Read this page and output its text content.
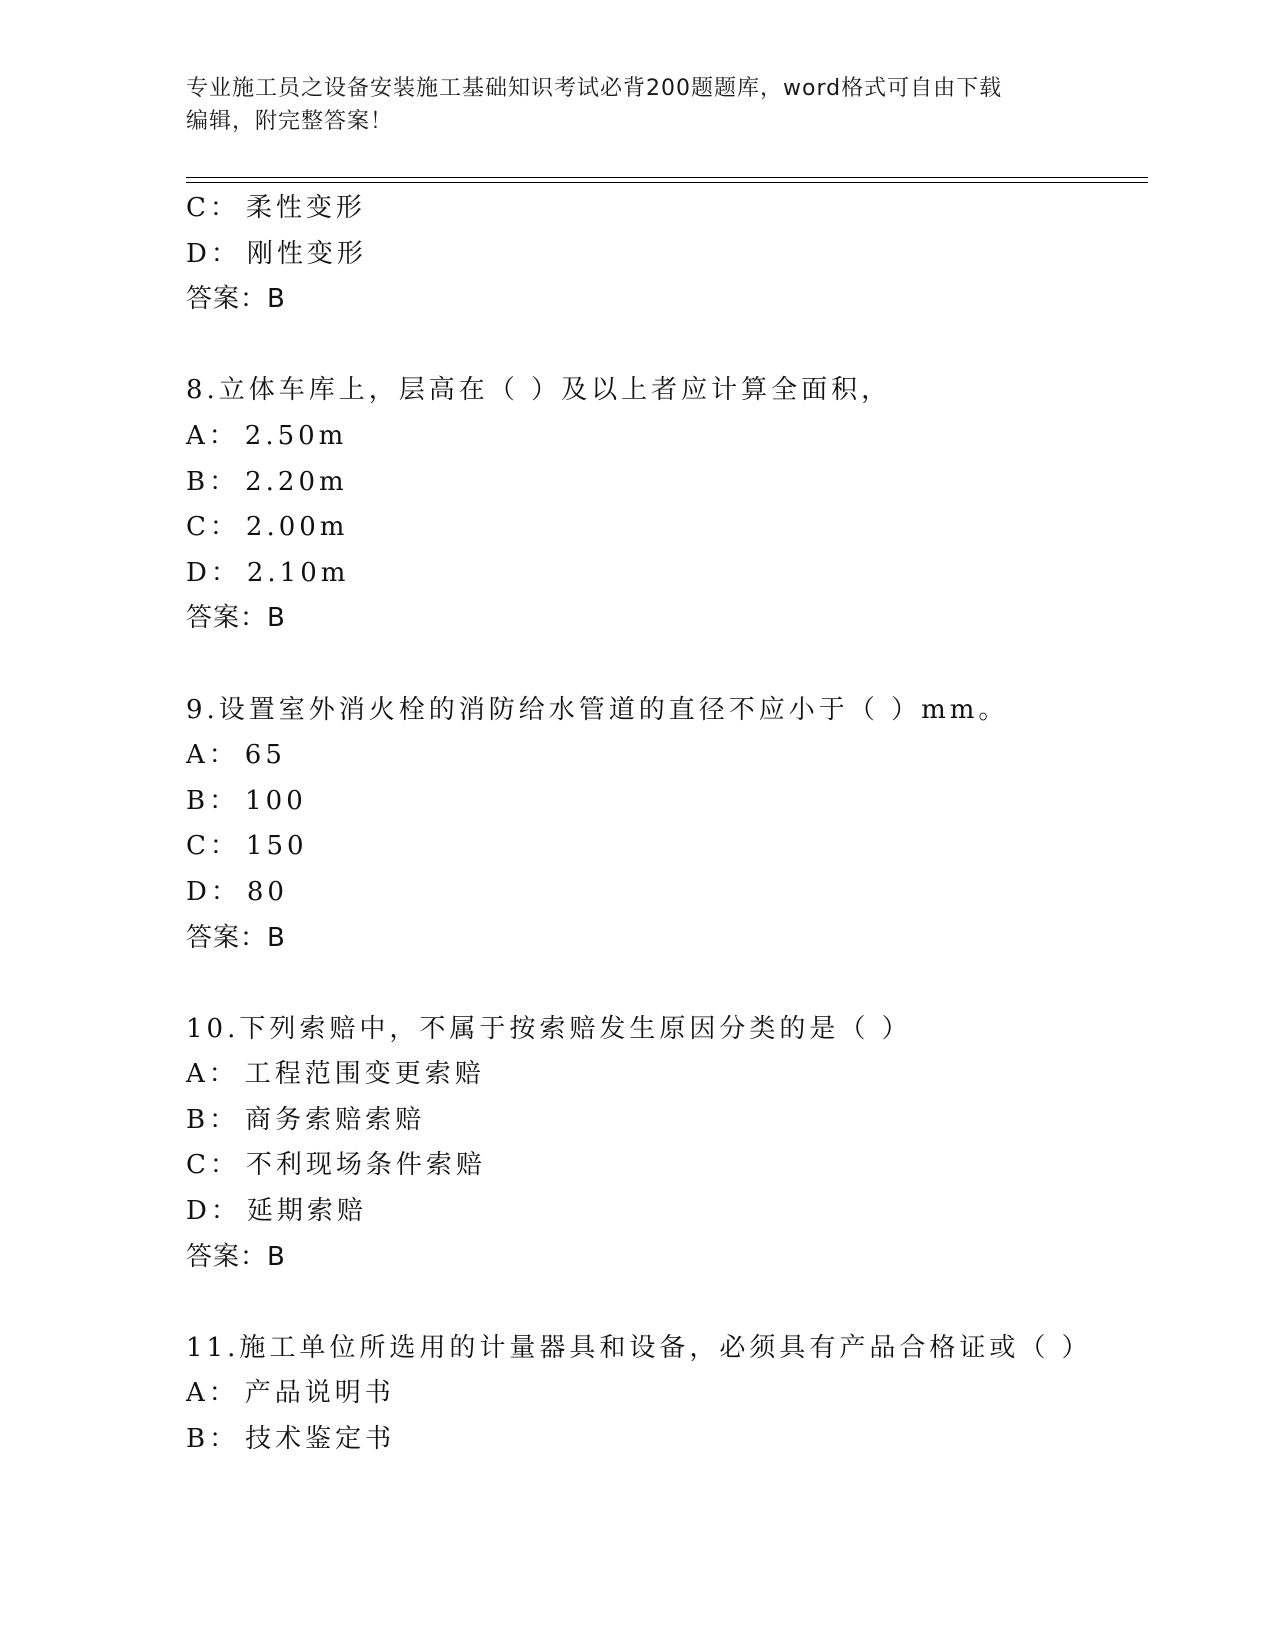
专业施工员之设备安装施工基础知识考试必背200题题库，word格式可自由下载
编辑，附完整答案！
C： 柔性变形
D： 刚性变形
答案：B
8.立体车库上，层高在（ ）及以上者应计算全面积，
A： 2.50m
B： 2.20m
C： 2.00m
D： 2.10m
答案：B
9.设置室外消火栓的消防给水管道的直径不应小于（ ）mm。
A： 65
B： 100
C： 150
D： 80
答案：B
10.下列索赔中，不属于按索赔发生原因分类的是（ ）
A： 工程范围变更索赔
B： 商务索赔索赔
C： 不利现场条件索赔
D： 延期索赔
答案：B
11.施工单位所选用的计量器具和设备，必须具有产品合格证或（ ）
A： 产品说明书
B： 技术鉴定书
